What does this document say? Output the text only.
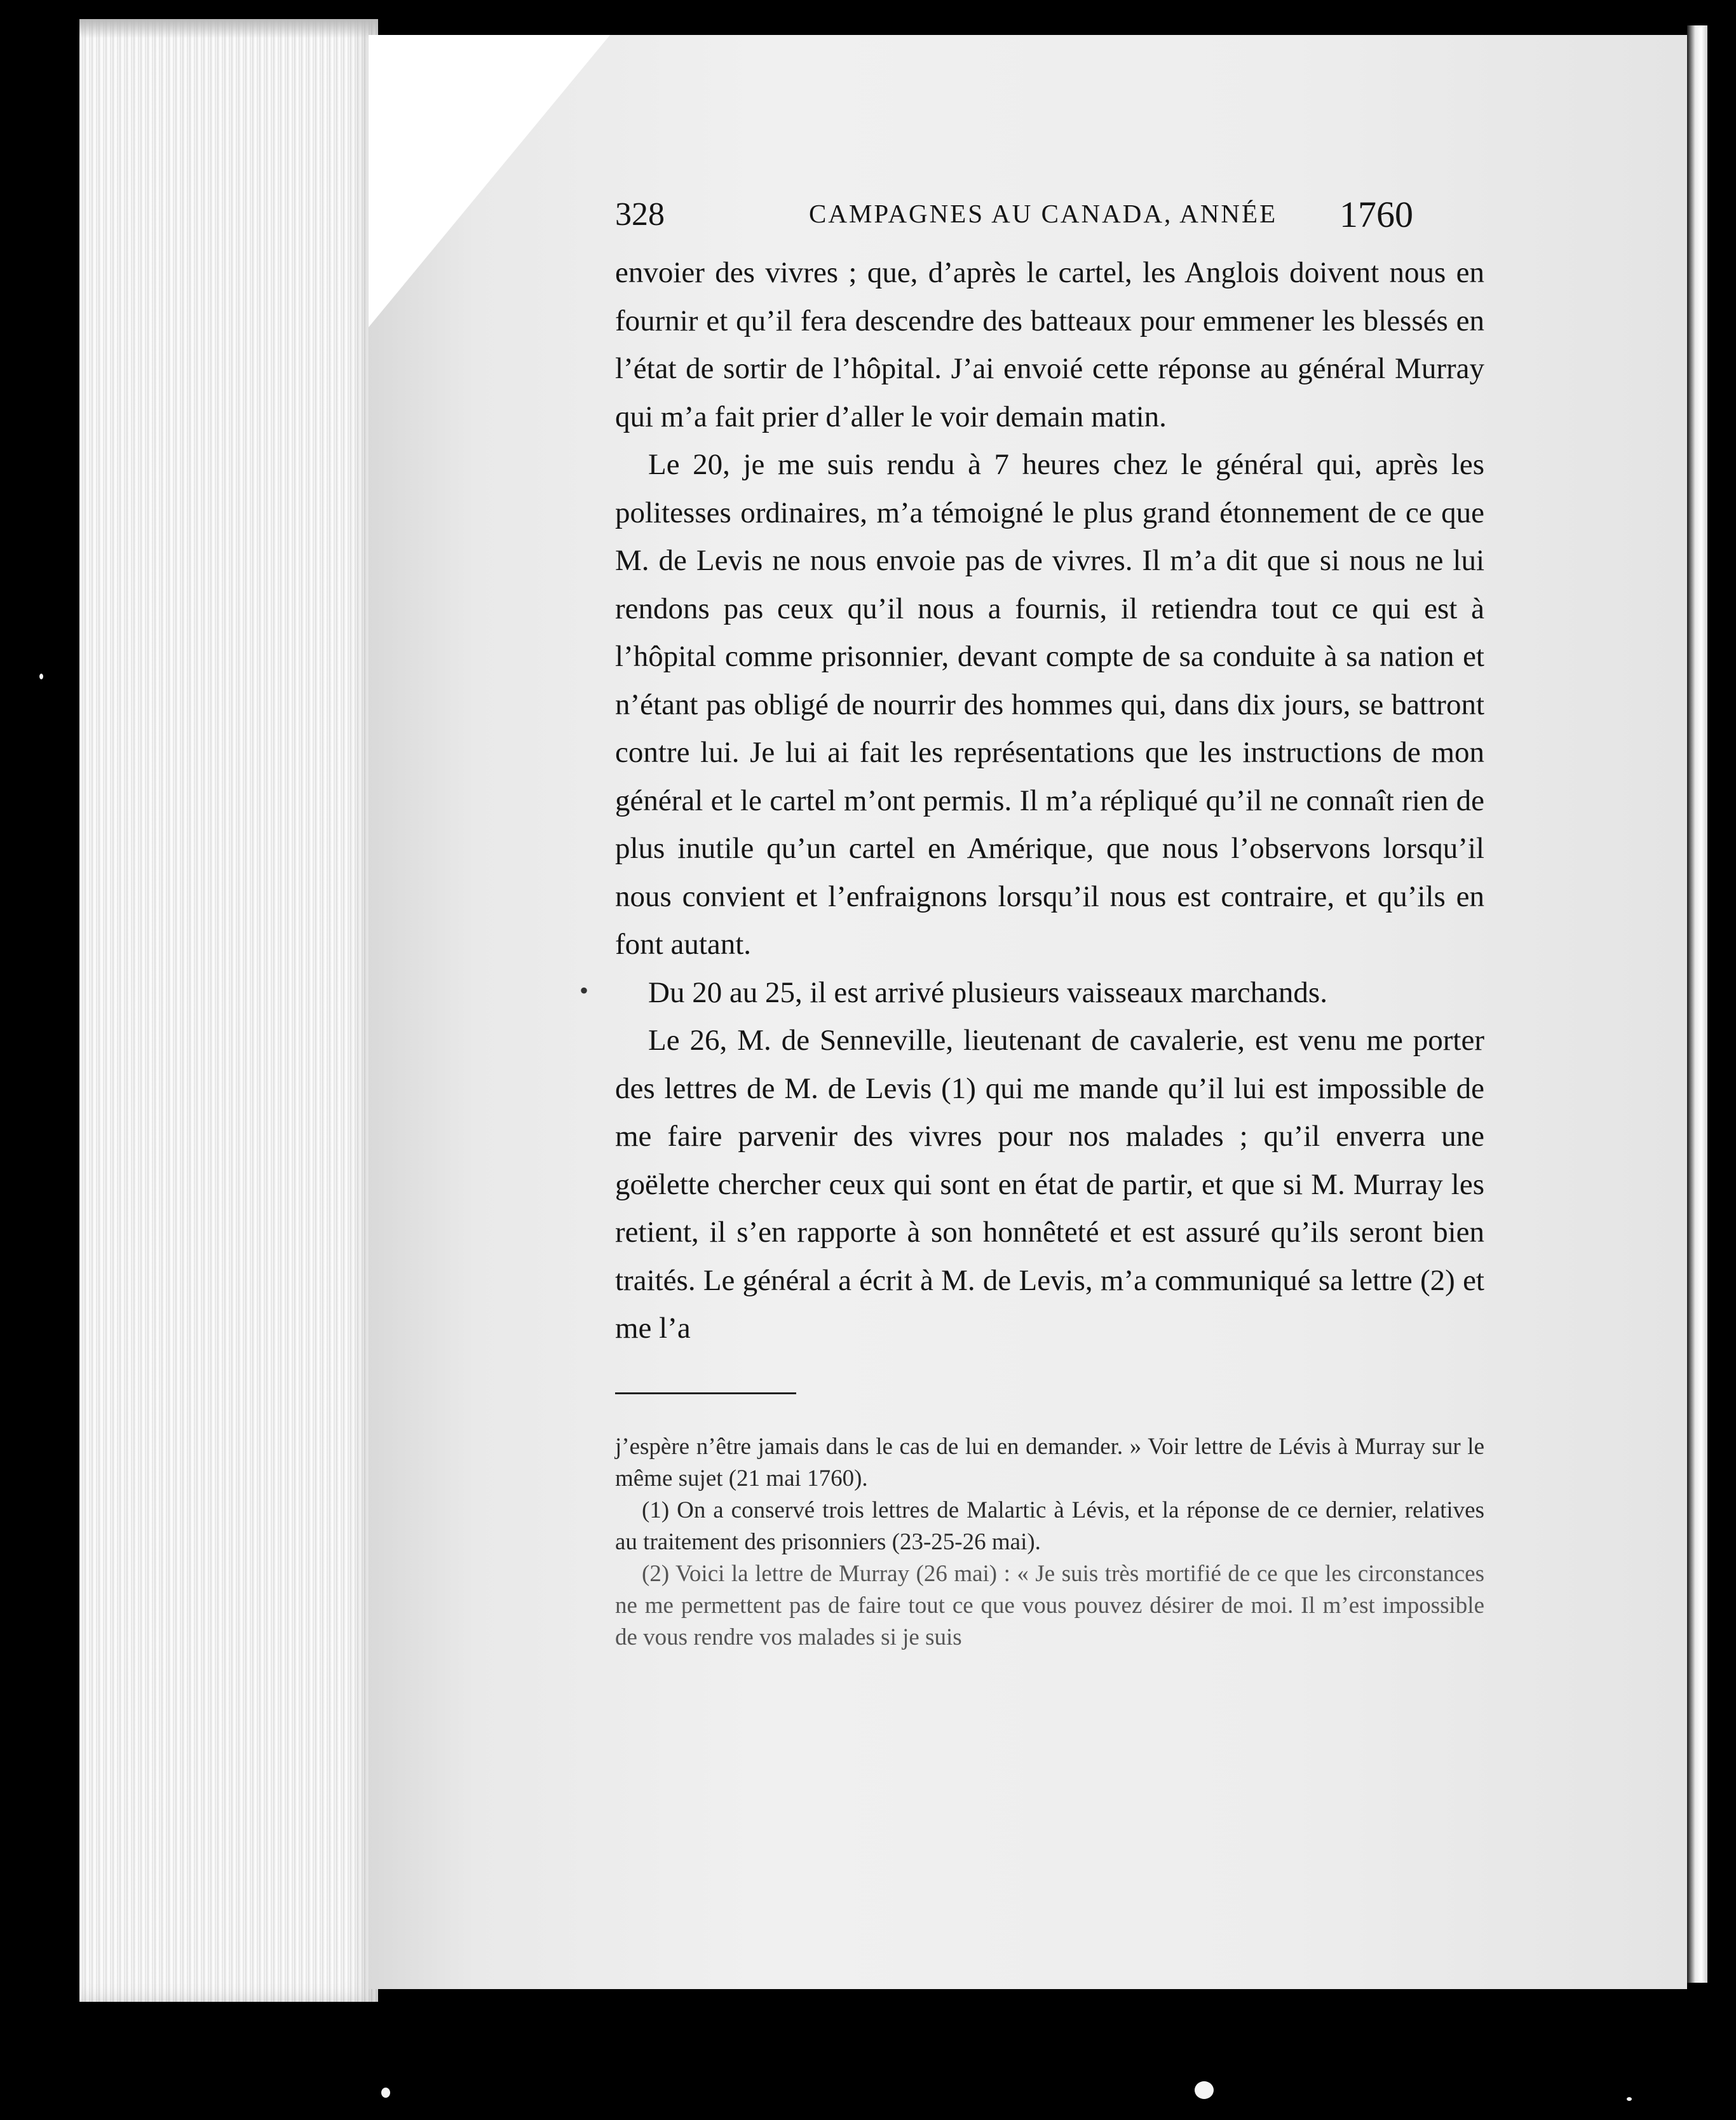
•
328	CAMPAGNES AU CANADA, ANNÉE 1760

envoier des vivres ; que, d’après le cartel, les Anglois doivent nous en fournir et qu’il fera descendre des batteaux pour emmener les blessés en l’état de sortir de l’hôpital. J’ai envoié cette réponse au général Murray qui m’a fait prier d’aller le voir demain matin.

Le 20, je me suis rendu à 7 heures chez le général qui, après les politesses ordinaires, m’a témoigné le plus grand étonnement de ce que M. de Levis ne nous envoie pas de vivres. Il m’a dit que si nous ne lui rendons pas ceux qu’il nous a fournis, il retiendra tout ce qui est à l’hôpital comme prisonnier, devant compte de sa conduite à sa nation et n’étant pas obligé de nourrir des hommes qui, dans dix jours, se battront contre lui. Je lui ai fait les représentations que les instructions de mon général et le cartel m’ont permis. Il m’a répliqué qu’il ne connaît rien de plus inutile qu’un cartel en Amérique, que nous l’observons lorsqu’il nous convient et l’enfraignons lorsqu’il nous est contraire, et qu’ils en font autant.

Du 20 au 25, il est arrivé plusieurs vaisseaux marchands.

Le 26, M. de Senneville, lieutenant de cavalerie, est venu me porter des lettres de M. de Levis (1) qui me mande qu’il lui est impossible de me faire parvenir des vivres pour nos malades ; qu’il enverra une goëlette chercher ceux qui sont en état de partir, et que si M. Murray les retient, il s’en rapporte à son honnêteté et est assuré qu’ils seront bien traités. Le général a écrit à M. de Levis, m’a communiqué sa lettre (2) et me l’a

j’espère n’être jamais dans le cas de lui en demander. » Voir lettre de Lévis à Murray sur le même sujet (21 mai 1760).

(1) On a conservé trois lettres de Malartic à Lévis, et la réponse de ce dernier, relatives au traitement des prisonniers (23-25-26 mai).

(2) Voici la lettre de Murray (26 mai) : « Je suis très mortifié de ce que les circonstances ne me permettent pas de faire tout ce que vous pouvez désirer de moi. Il m’est impossible de vous rendre vos malades si je suis
